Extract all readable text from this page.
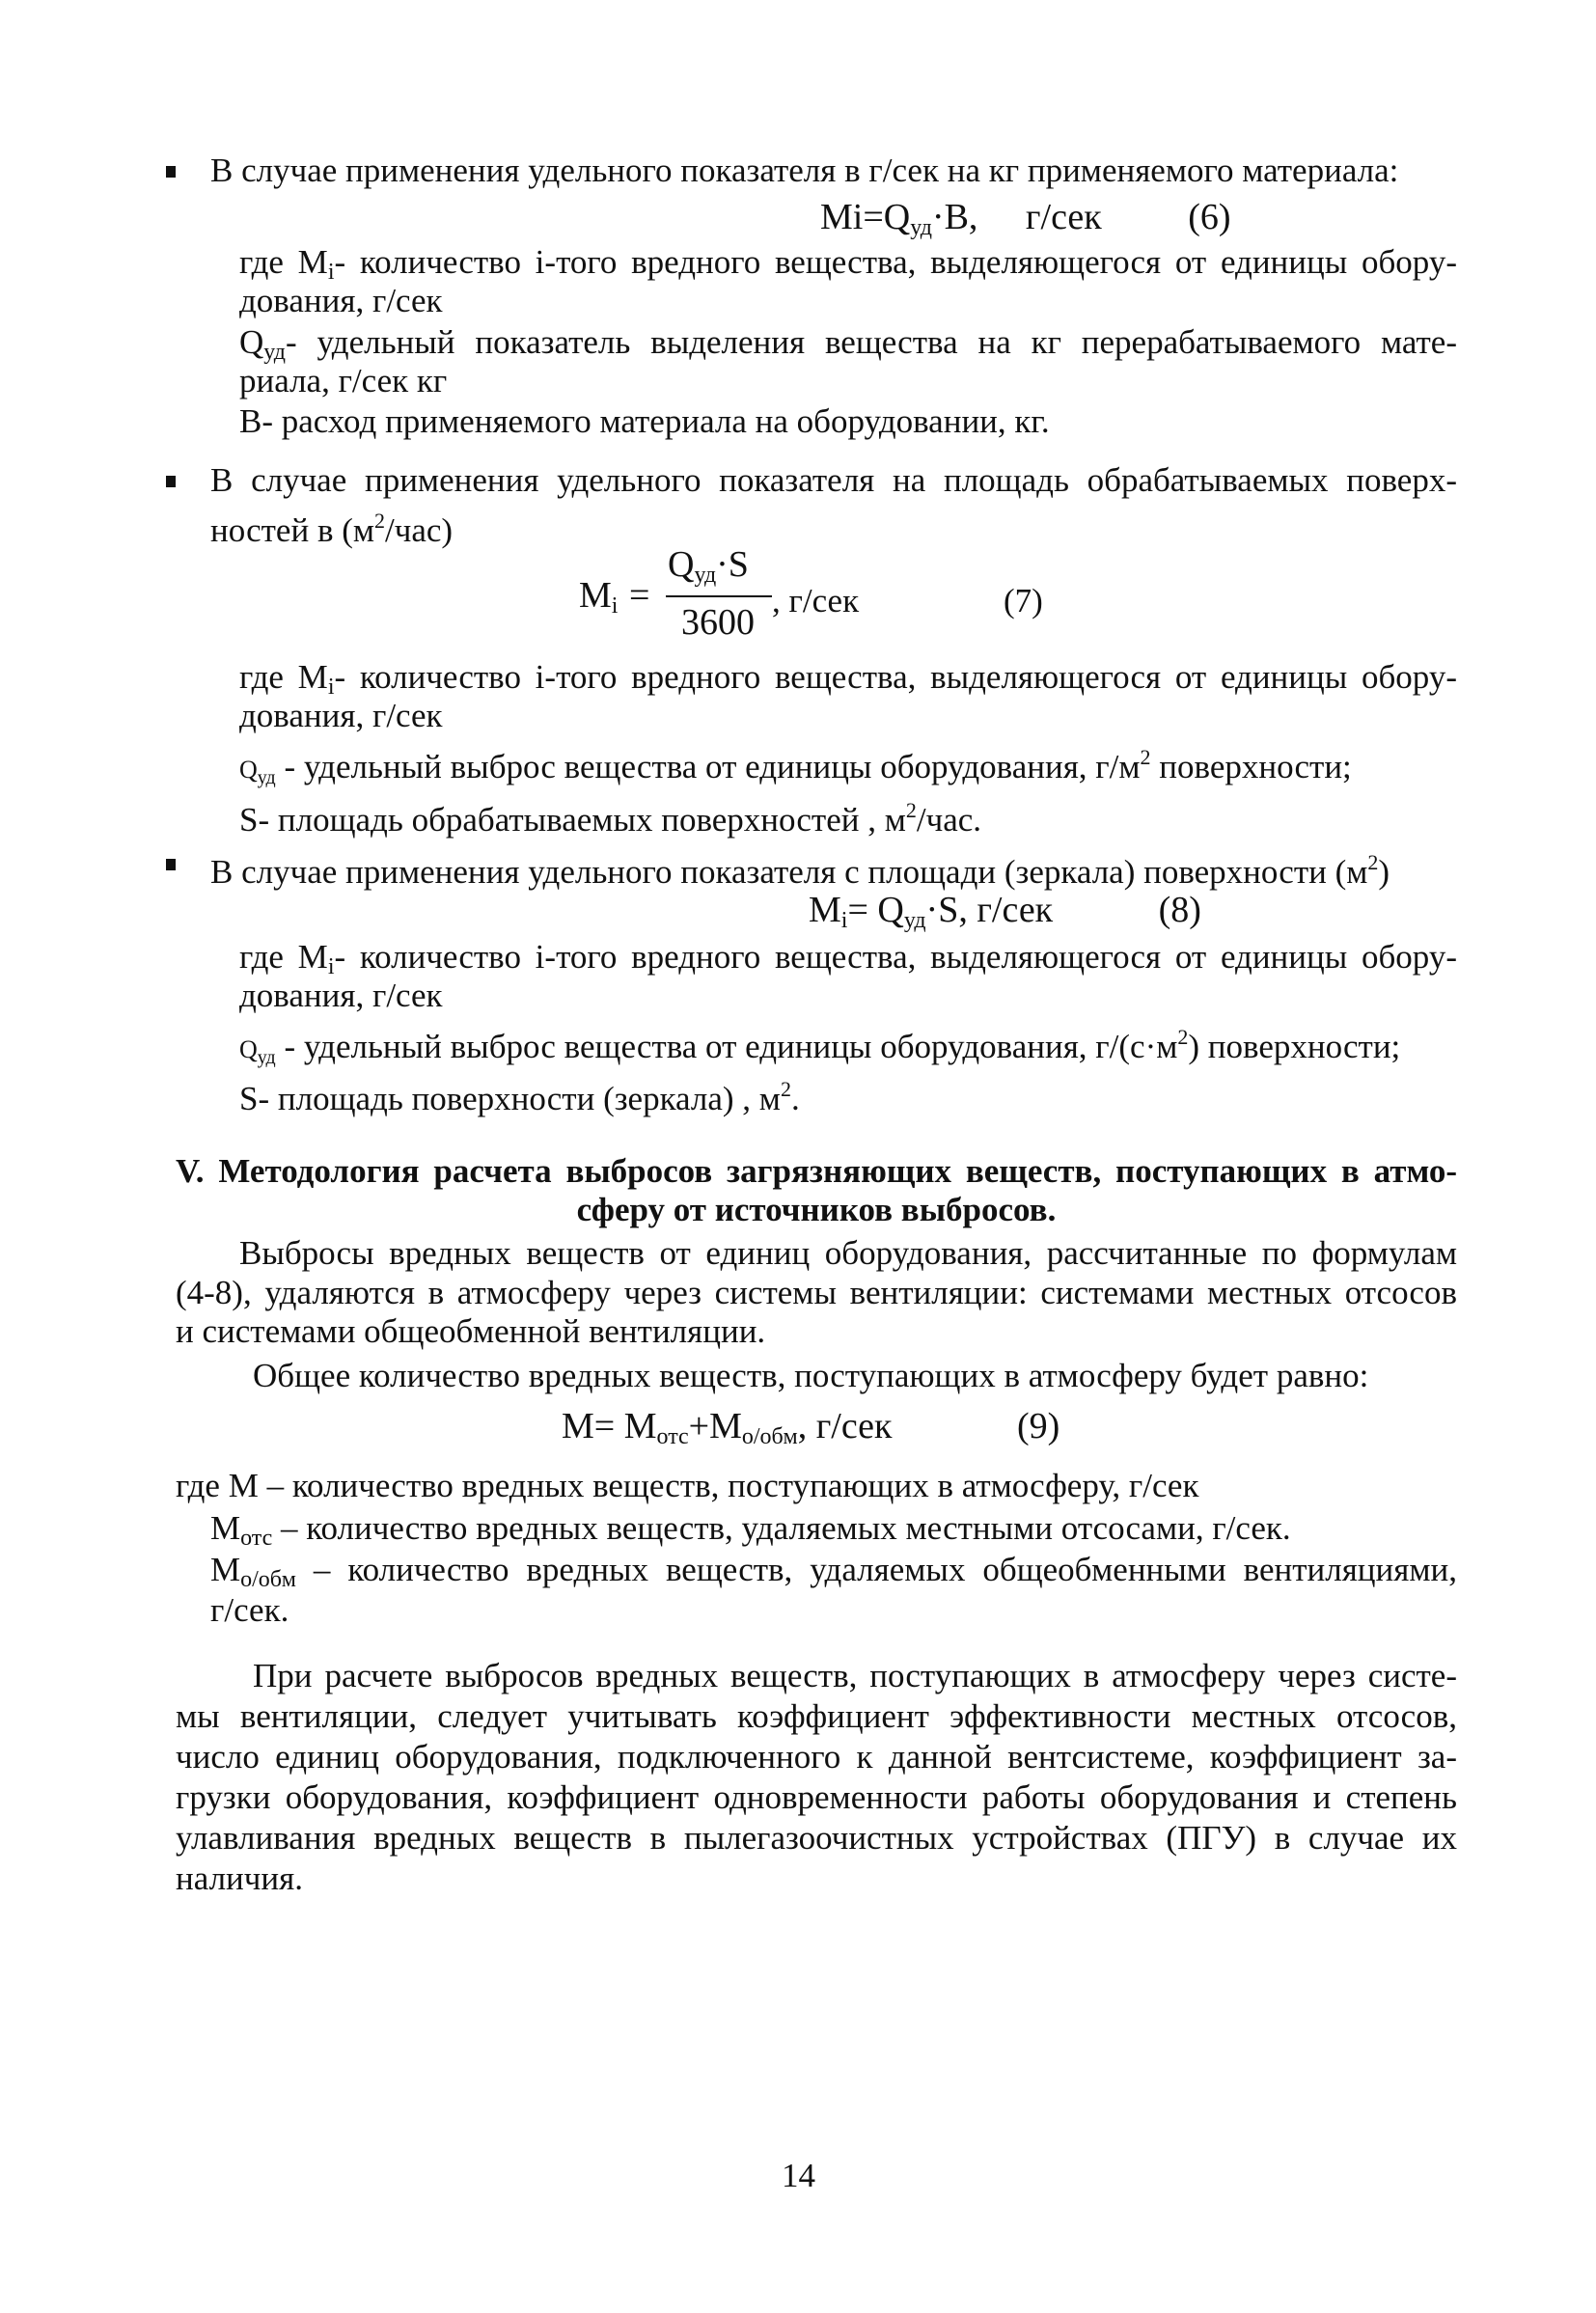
В случае применения удельного показателя в г/сек на кг применяемого материала:
$Mi=Q_{уд}\cdot B$, г/сек (6)
где $M_i-$ количество i-того вредного вещества, выделяющегося от единицы обору-
дования, г/сек
$Q_{уд}-$ удельный показатель выделения вещества на кг перерабатываемого мате-
риала, г/сек кг
B- расход применяемого материала на оборудовании, кг.
В случае применения удельного показателя на площадь обрабатываемых поверх-
ностей в $(м^2/час)$
$M_i$ =
$Q_{уд}\cdot S$
3600
, г/сек	(7)
где $M_i-$ количество i-того вредного вещества, выделяющегося от единицы обору-
дования, г/сек
$Q_{уд}$ - удельный выброс вещества от единицы оборудования, $г/м^2$ поверхности;
S- площадь обрабатываемых поверхностей , $м^2$/час.
В случае применения удельного показателя с площади (зеркала) поверхности $(м^2)$
$M_i= Q_{уд}\cdot S$, г/сек	(8)
где $M_i-$ количество i-того вредного вещества, выделяющегося от единицы обору-
дования, г/сек
$Q_{уд}$ - удельный выброс вещества от единицы оборудования, $г/(с\cdot м^2)$ поверхности;
S- площадь поверхности (зеркала) , $м^2$.
V. Методология расчета выбросов загрязняющих веществ, поступающих в атмо-
сферу от источников выбросов.
Выбросы вредных веществ от единиц оборудования, рассчитанные по формулам
(4-8), удаляются в атмосферу через системы вентиляции: системами местных отсосов
и системами общеобменной вентиляции.
Общее количество вредных веществ, поступающих в атмосферу будет равно:
$M= M_{отс}+M_{о/обм}$, г/сек	(9)
где M – количество вредных веществ, поступающих в атмосферу, г/сек
$M_{отс}$ – количество вредных веществ, удаляемых местными отсосами, г/сек.
$M_{о/обм}$ – количество вредных веществ, удаляемых общеобменными вентиляциями,
г/сек.
При расчете выбросов вредных веществ, поступающих в атмосферу через систе-
мы вентиляции, следует учитывать коэффициент эффективности местных отсосов,
число единиц оборудования, подключенного к данной вентсистеме, коэффициент за-
грузки оборудования, коэффициент одновременности работы оборудования и степень
улавливания вредных веществ в пылегазоочистных устройствах (ПГУ) в случае их
наличия.
14
